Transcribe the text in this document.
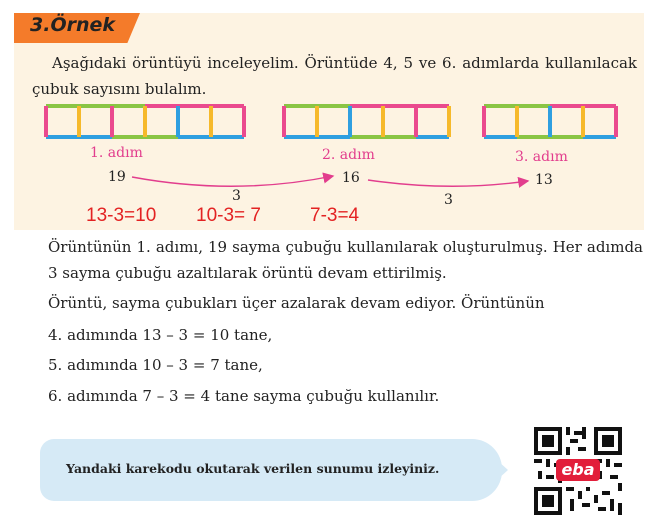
3.Örnek
Aşağıdaki örüntüyü inceleyelim. Örüntüde 4, 5 ve 6. adımlarda kullanılacak çubuk sayısını bulalım.
1. adım	2. adım	3. adım
19	16	13
3	3
13-3=10 10-3= 7	7-3=4
Örüntünün 1. adımı, 19 sayma çubuğu kullanılarak oluşturulmuş. Her adımda 3 sayma çubuğu azaltılarak örüntü devam ettirilmiş.
Örüntü, sayma çubukları üçer azalarak devam ediyor. Örüntünün
4. adımında 13 – 3 = 10 tane,
5. adımında 10 – 3 = 7 tane,
6. adımında 7 – 3 = 4 tane sayma çubuğu kullanılır.
Yandaki karekodu okutarak verilen sunumu izleyiniz.	eba
